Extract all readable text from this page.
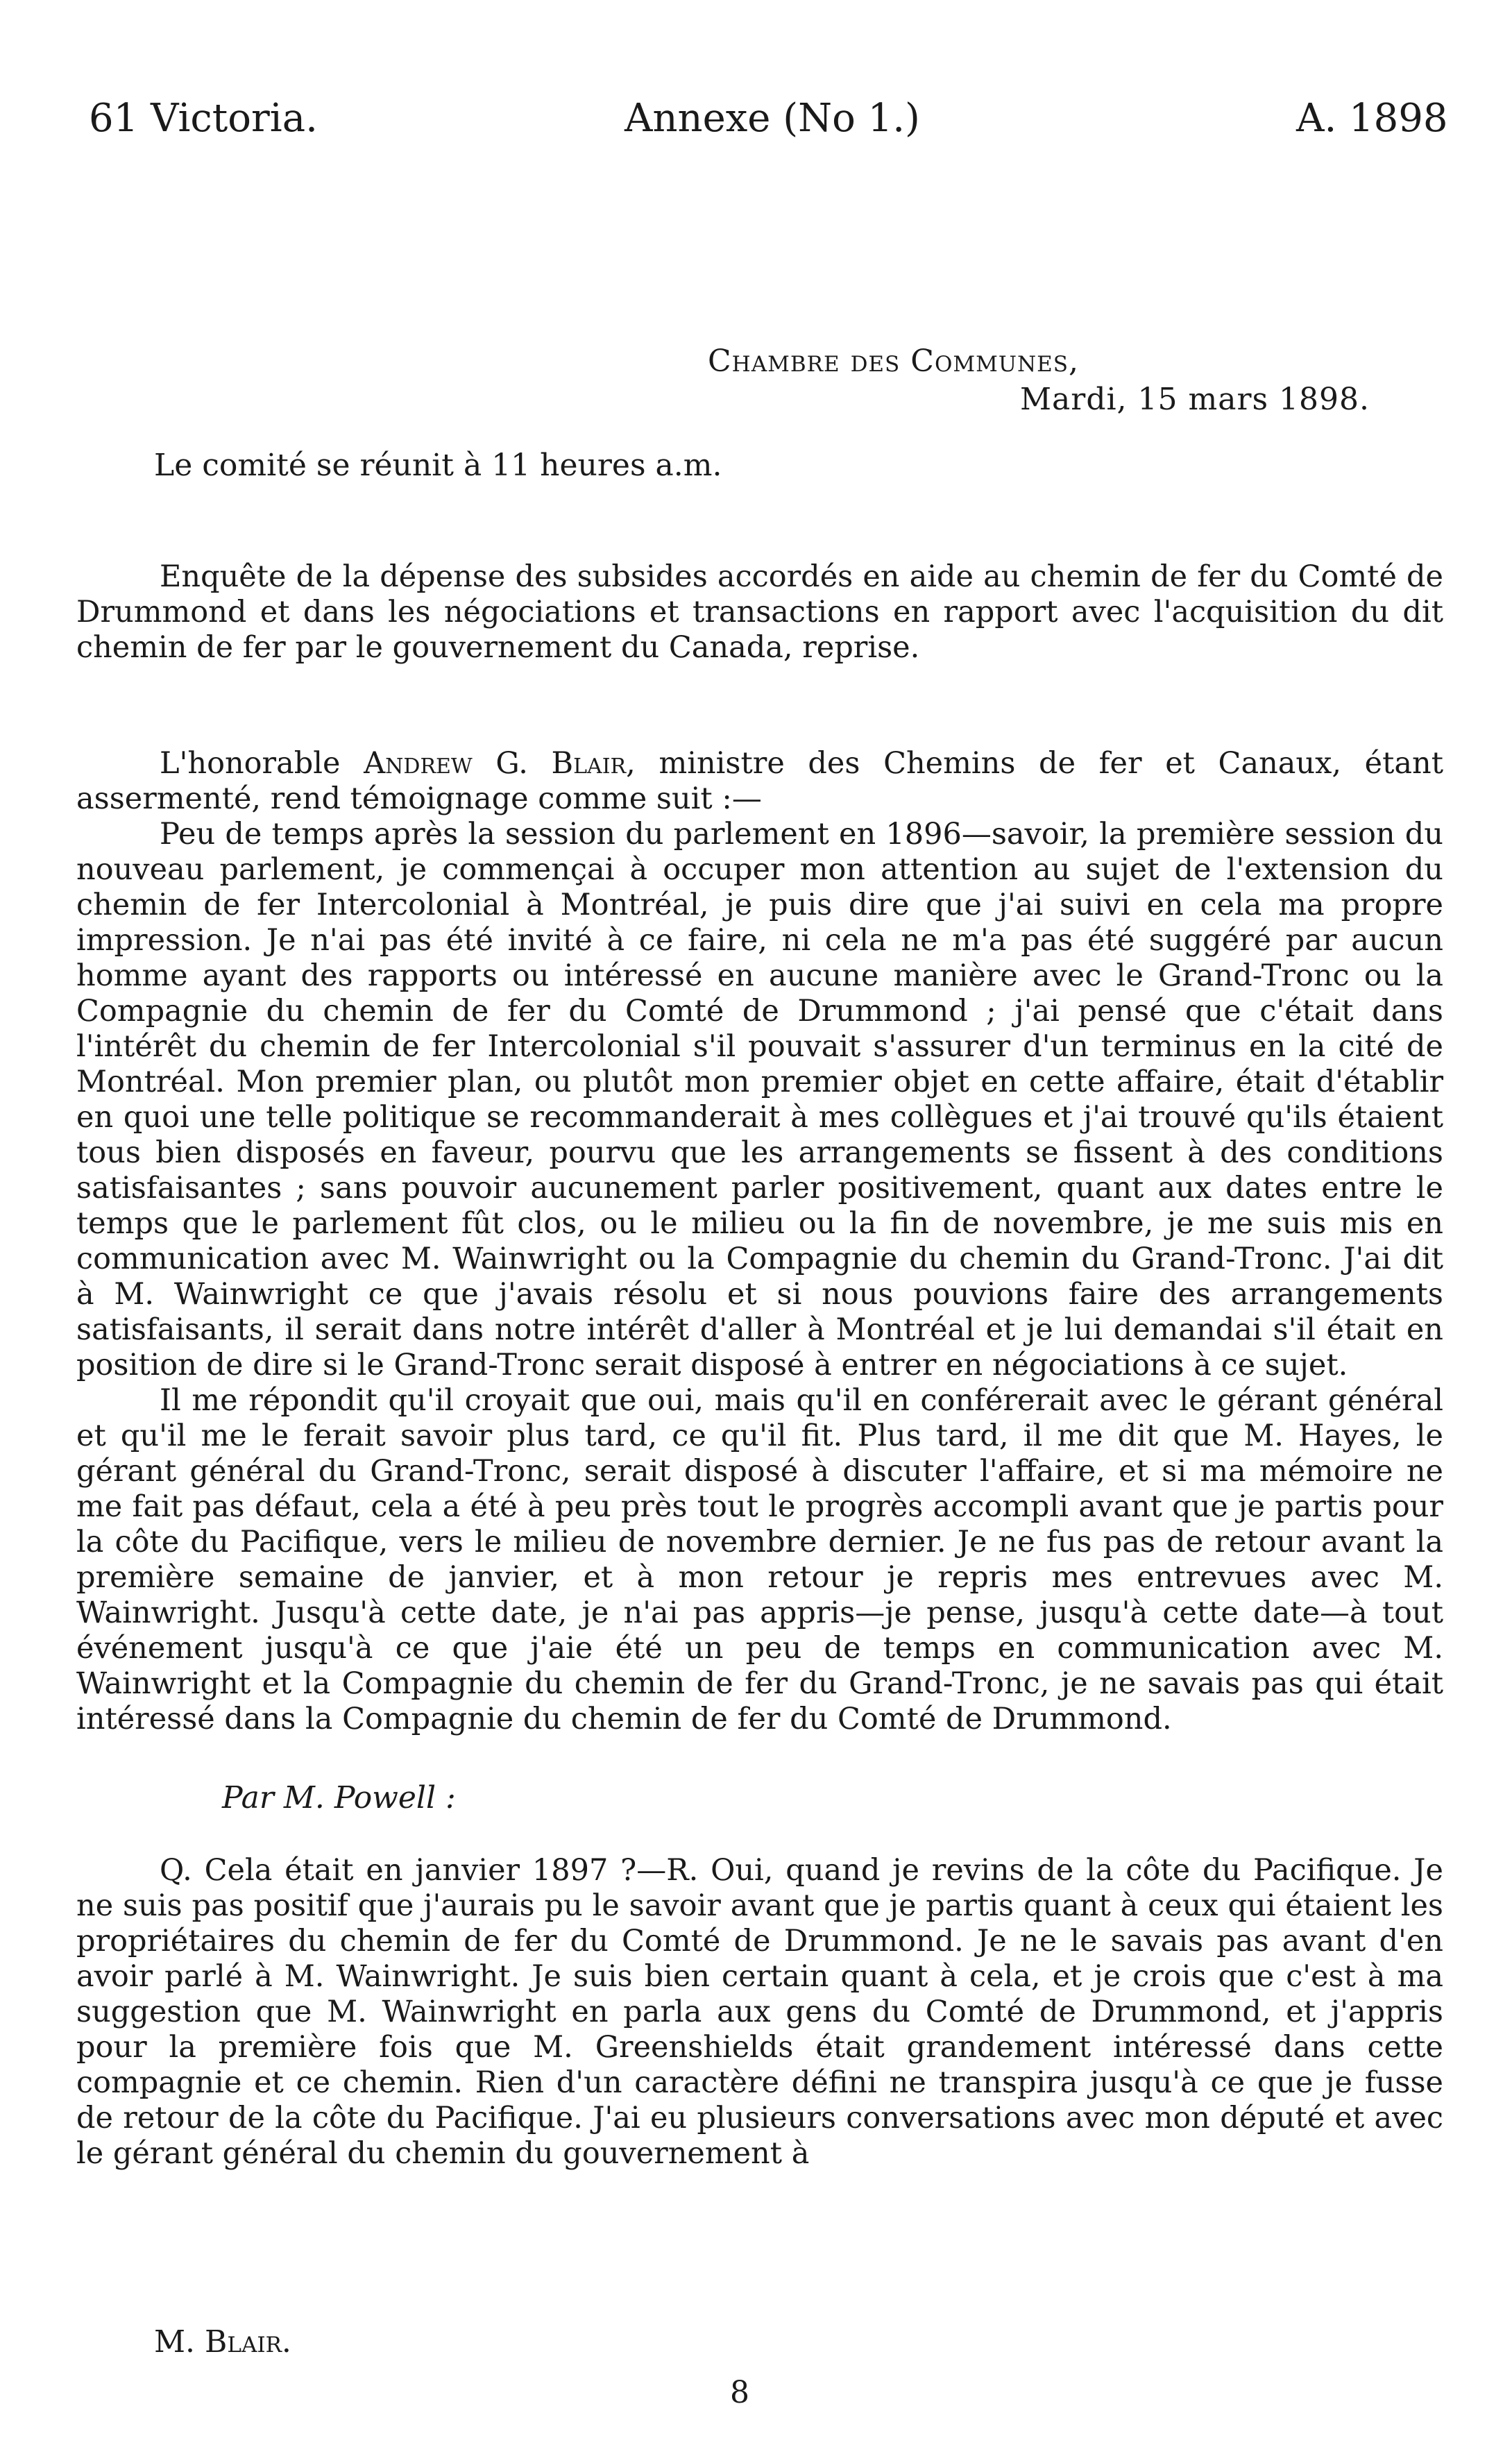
61 Victoria.	Annexe (No 1.)	A. 1898
Chambre des Communes,
Mardi, 15 mars 1898.
Le comité se réunit à 11 heures a.m.

Enquête de la dépense des subsides accordés en aide au chemin de fer du Comté de Drummond et dans les négociations et transactions en rapport avec l'acquisition du dit chemin de fer par le gouvernement du Canada, reprise.

L'honorable Andrew G. Blair, ministre des Chemins de fer et Canaux, étant assermenté, rend témoignage comme suit :—

Peu de temps après la session du parlement en 1896—savoir, la première session du nouveau parlement, je commençai à occuper mon attention au sujet de l'extension du chemin de fer Intercolonial à Montréal, je puis dire que j'ai suivi en cela ma propre impression. Je n'ai pas été invité à ce faire, ni cela ne m'a pas été suggéré par aucun homme ayant des rapports ou intéressé en aucune manière avec le Grand-Tronc ou la Compagnie du chemin de fer du Comté de Drummond ; j'ai pensé que c'était dans l'intérêt du chemin de fer Intercolonial s'il pouvait s'assurer d'un terminus en la cité de Montréal. Mon premier plan, ou plutôt mon premier objet en cette affaire, était d'établir en quoi une telle politique se recommanderait à mes collègues et j'ai trouvé qu'ils étaient tous bien disposés en faveur, pourvu que les arrangements se fissent à des conditions satisfaisantes ; sans pouvoir aucunement parler positivement, quant aux dates entre le temps que le parlement fût clos, ou le milieu ou la fin de novembre, je me suis mis en communication avec M. Wainwright ou la Compagnie du chemin du Grand-Tronc. J'ai dit à M. Wainwright ce que j'avais résolu et si nous pouvions faire des arrangements satisfaisants, il serait dans notre intérêt d'aller à Montréal et je lui demandai s'il était en position de dire si le Grand-Tronc serait disposé à entrer en négociations à ce sujet.

Il me répondit qu'il croyait que oui, mais qu'il en conférerait avec le gérant général et qu'il me le ferait savoir plus tard, ce qu'il fit. Plus tard, il me dit que M. Hayes, le gérant général du Grand-Tronc, serait disposé à discuter l'affaire, et si ma mémoire ne me fait pas défaut, cela a été à peu près tout le progrès accompli avant que je partis pour la côte du Pacifique, vers le milieu de novembre dernier. Je ne fus pas de retour avant la première semaine de janvier, et à mon retour je repris mes entrevues avec M. Wainwright. Jusqu'à cette date, je n'ai pas appris—je pense, jusqu'à cette date—à tout événement jusqu'à ce que j'aie été un peu de temps en communication avec M. Wainwright et la Compagnie du chemin de fer du Grand-Tronc, je ne savais pas qui était intéressé dans la Compagnie du chemin de fer du Comté de Drummond.

Par M. Powell :

Q. Cela était en janvier 1897 ?—R. Oui, quand je revins de la côte du Pacifique. Je ne suis pas positif que j'aurais pu le savoir avant que je partis quant à ceux qui étaient les propriétaires du chemin de fer du Comté de Drummond. Je ne le savais pas avant d'en avoir parlé à M. Wainwright. Je suis bien certain quant à cela, et je crois que c'est à ma suggestion que M. Wainwright en parla aux gens du Comté de Drummond, et j'appris pour la première fois que M. Greenshields était grandement intéressé dans cette compagnie et ce chemin. Rien d'un caractère défini ne transpira jusqu'à ce que je fusse de retour de la côte du Pacifique. J'ai eu plusieurs conversations avec mon député et avec le gérant général du chemin du gouvernement à

M. Blair.
8
